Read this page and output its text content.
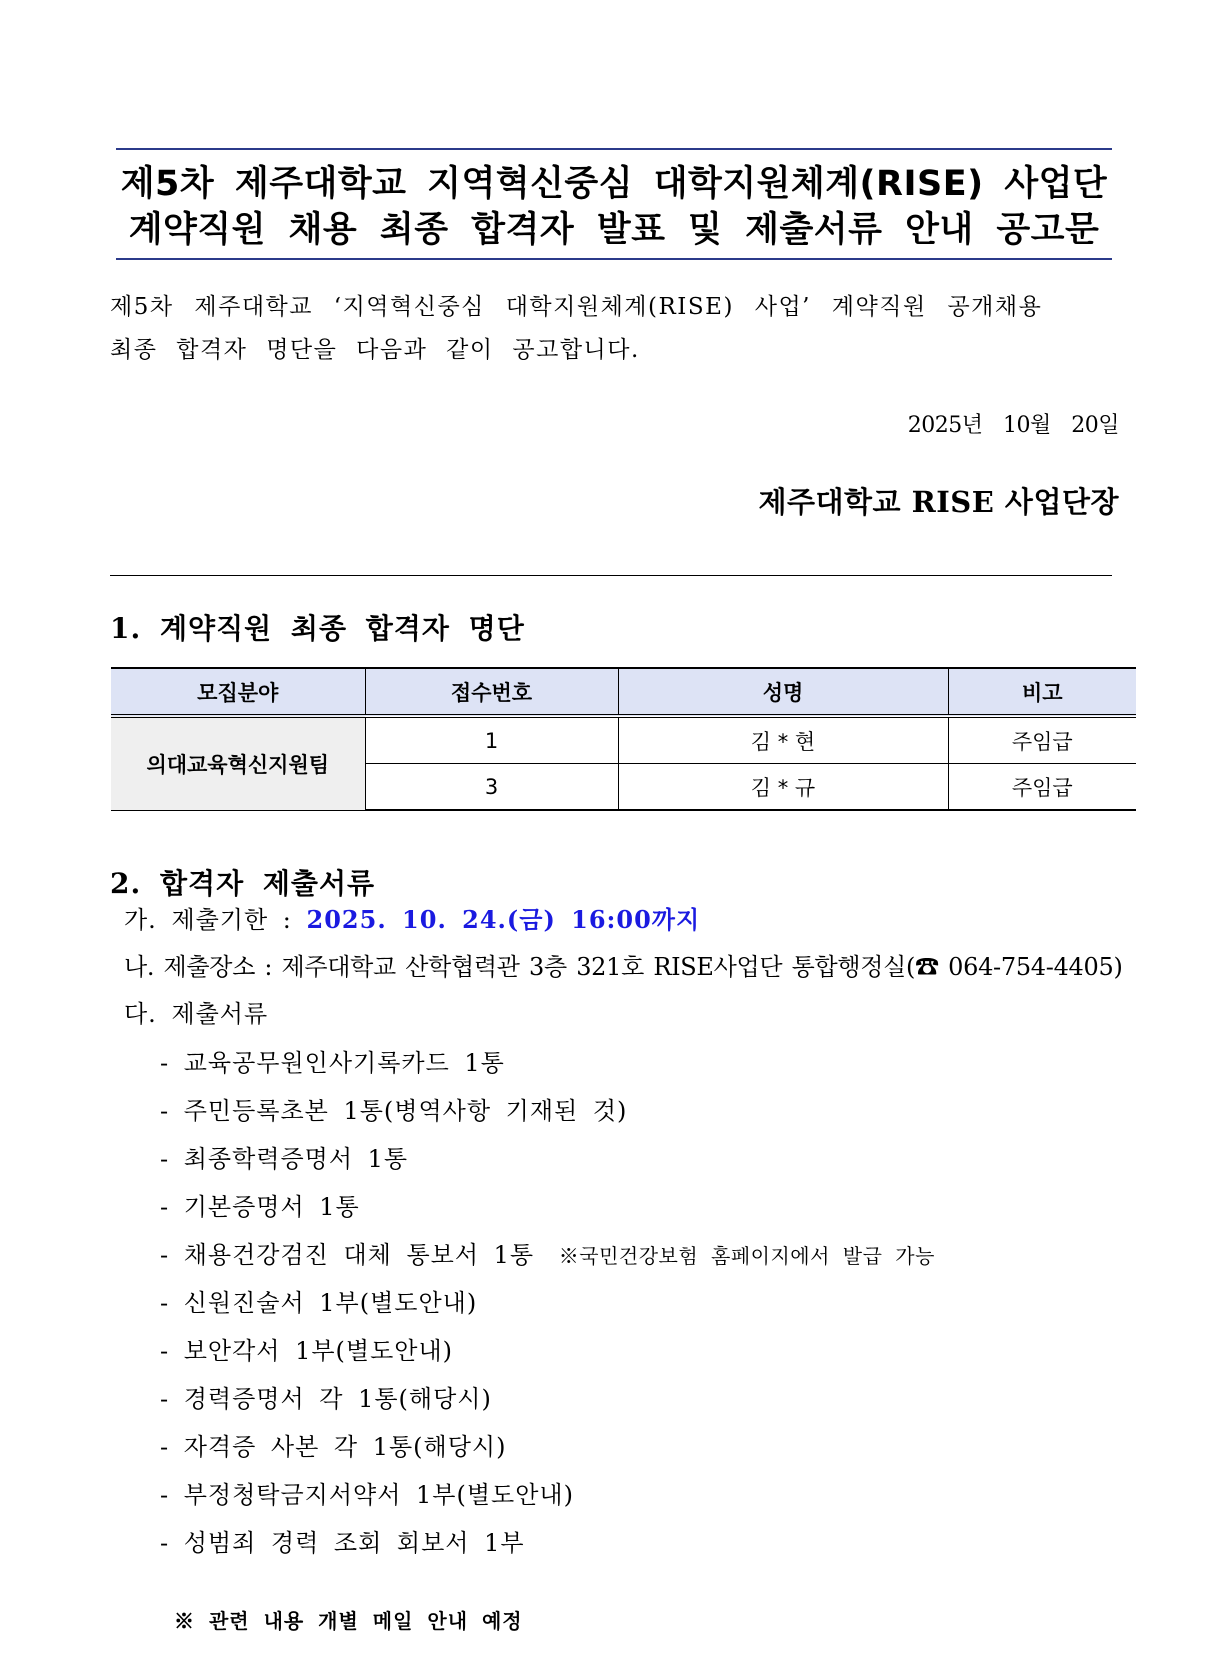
제5차 제주대학교 지역혁신중심 대학지원체계(RISE) 사업단
계약직원 채용 최종 합격자 발표 및 제출서류 안내 공고문
제5차 제주대학교 ‘지역혁신중심 대학지원체계(RISE) 사업’ 계약직원 공개채용
최종 합격자 명단을 다음과 같이 공고합니다.
2025년 10월 20일
제주대학교 RISE 사업단장
1. 계약직원 최종 합격자 명단
모집분야	접수번호	성명	비고
의대교육혁신지원팀	1	김 * 현	주임급
	3	김 * 규	주임급
2. 합격자 제출서류
가. 제출기한 : 2025. 10. 24.(금) 16:00까지
나. 제출장소 : 제주대학교 산학협력관 3층 321호 RISE사업단 통합행정실(☎ 064-754-4405)
다. 제출서류
- 교육공무원인사기록카드 1통
- 주민등록초본 1통(병역사항 기재된 것)
- 최종학력증명서 1통
- 기본증명서 1통
- 채용건강검진 대체 통보서 1통 ※국민건강보험 홈페이지에서 발급 가능
- 신원진술서 1부(별도안내)
- 보안각서 1부(별도안내)
- 경력증명서 각 1통(해당시)
- 자격증 사본 각 1통(해당시)
- 부정청탁금지서약서 1부(별도안내)
- 성범죄 경력 조회 회보서 1부
※ 관련 내용 개별 메일 안내 예정
